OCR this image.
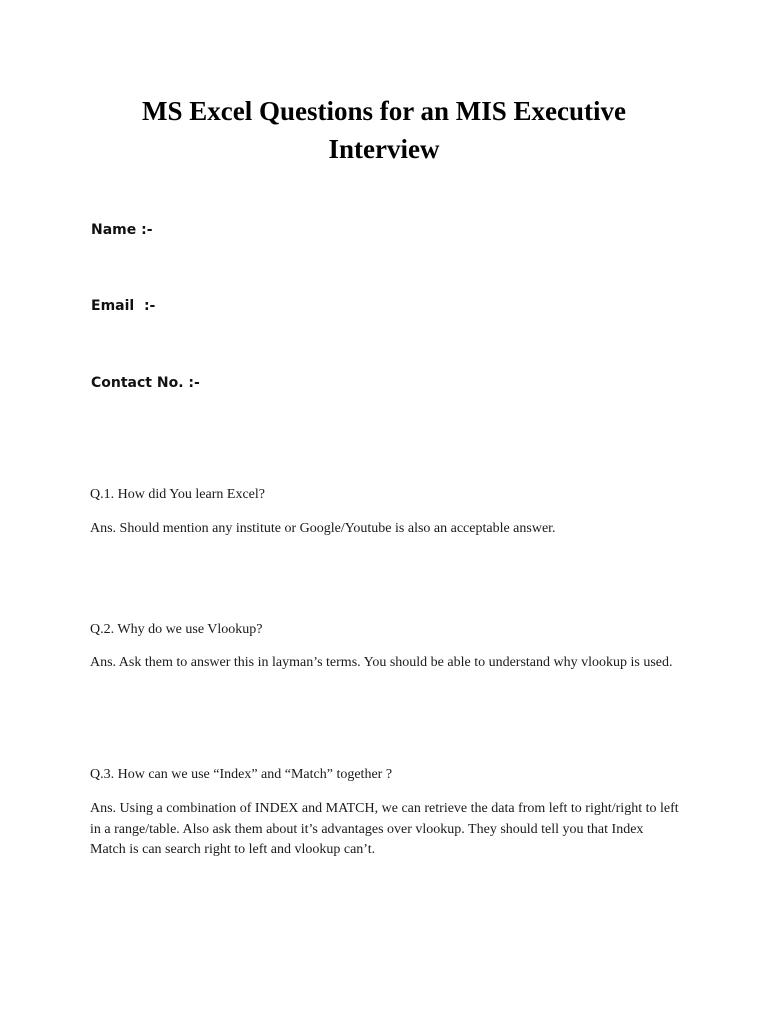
MS Excel Questions for an MIS Executive Interview
Name :-
Email  :-
Contact No. :-
Q.1. How did You learn Excel?
Ans. Should mention any institute or Google/Youtube is also an acceptable answer.
Q.2. Why do we use Vlookup?
Ans. Ask them to answer this in layman’s terms. You should be able to understand why vlookup is used.
Q.3. How can we use “Index” and “Match” together ?
Ans. Using a combination of INDEX and MATCH, we can retrieve the data from left to right/right to left in a range/table. Also ask them about it’s advantages over vlookup. They should tell you that Index Match is can search right to left and vlookup can’t.
